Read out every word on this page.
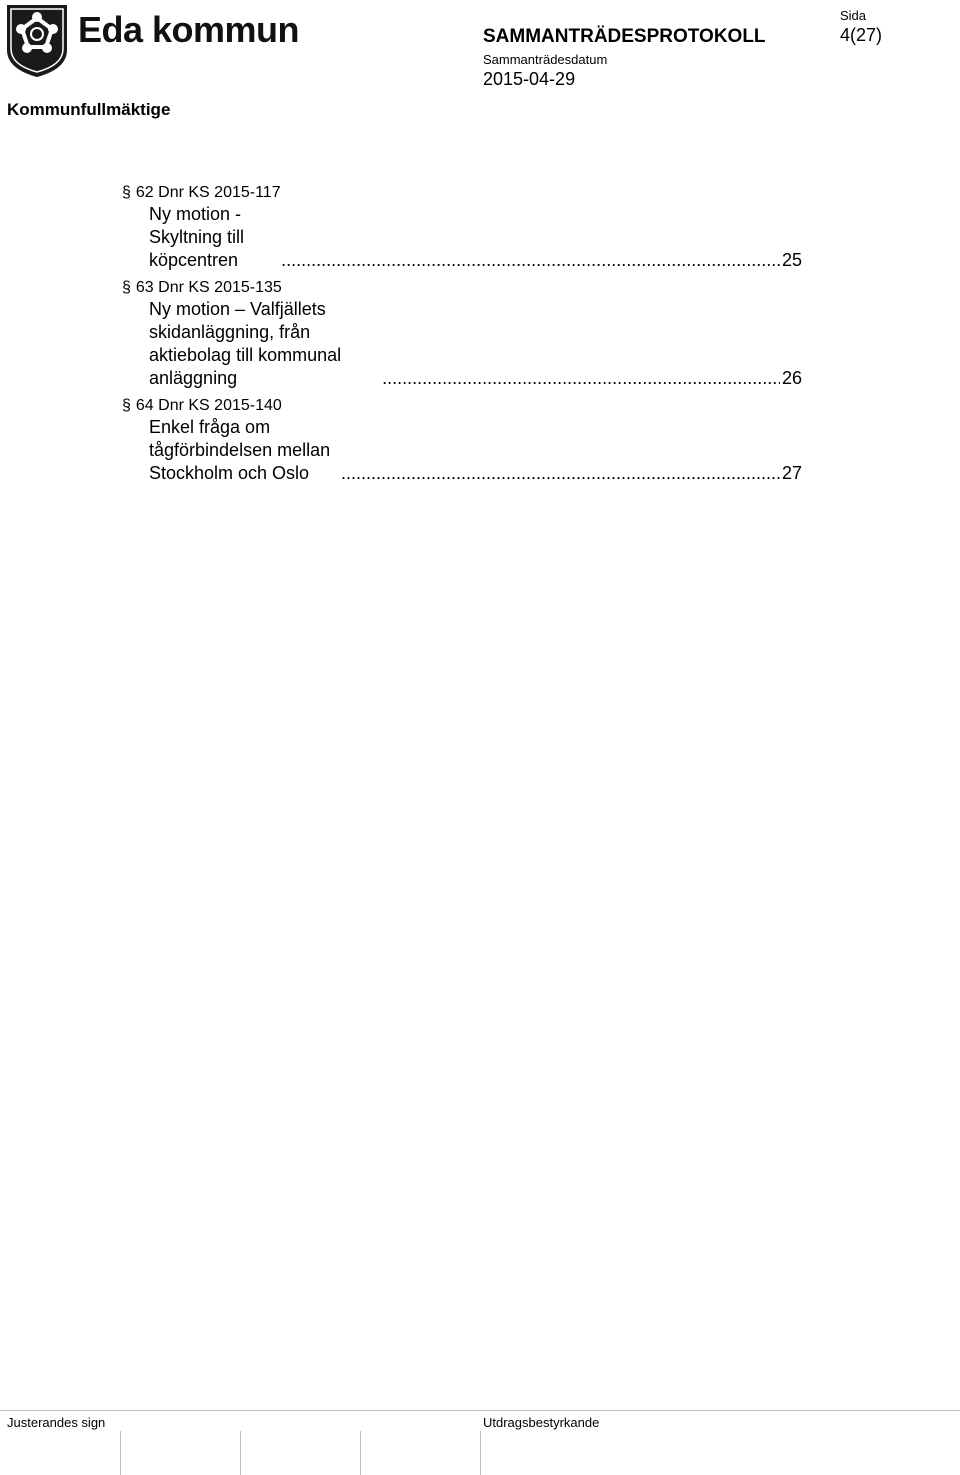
Eda kommun
Kommunfullmäktige
SAMMANTRÄDESPROTOKOLL
Sammanträdesdatum
2015-04-29
Sida
4(27)
§ 62 Dnr KS 2015-117
Ny motion - Skyltning till köpcentren .....	25
§ 63 Dnr KS 2015-135
Ny motion – Valfjällets skidanläggning, från aktiebolag till kommunal anläggning .....	26
§ 64 Dnr KS 2015-140
Enkel fråga om tågförbindelsen mellan Stockholm och Oslo .....	27
Justerandes sign	Utdragsbestyrkande
